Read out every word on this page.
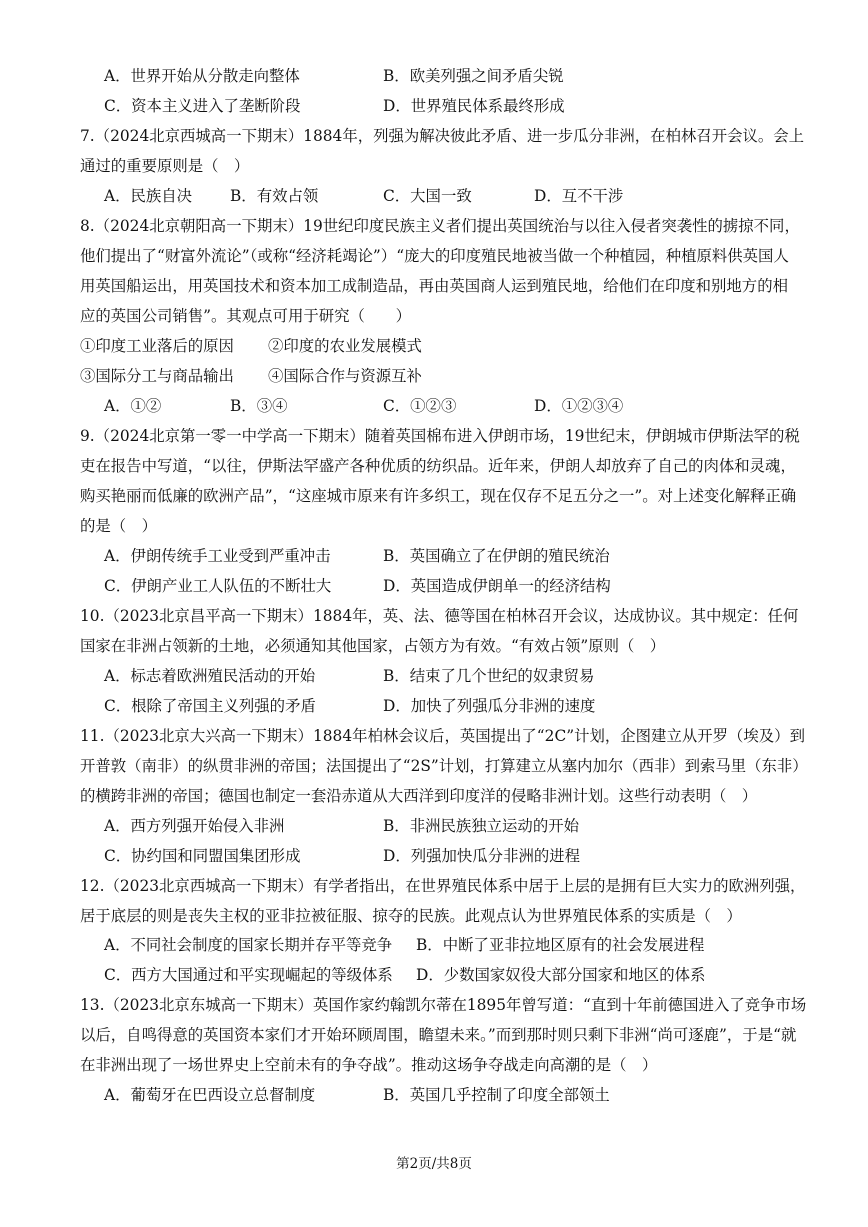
A．世界开始从分散走向整体	B．欧美列强之间矛盾尖锐
C．资本主义进入了垄断阶段	D．世界殖民体系最终形成
7.（2024北京西城高一下期末）1884年，列强为解决彼此矛盾、进一步瓜分非洲，在柏林召开会议。会上
通过的重要原则是（　）
A．民族自决 B．有效占领	C．大国一致	D．互不干涉
8.（2024北京朝阳高一下期末）19世纪印度民族主义者们提出英国统治与以往入侵者突袭性的掳掠不同，
他们提出了“财富外流论”（或称“经济耗竭论”）“庞大的印度殖民地被当做一个种植园，种植原料供英国人
用英国船运出，用英国技术和资本加工成制造品，再由英国商人运到殖民地，给他们在印度和别地方的相
应的英国公司销售”。其观点可用于研究（　　）
①印度工业落后的原因 ②印度的农业发展模式
③国际分工与商品输出 ④国际合作与资源互补
A．①②	B．③④	C．①②③	D．①②③④
9.（2024北京第一零一中学高一下期末）随着英国棉布进入伊朗市场，19世纪末，伊朗城市伊斯法罕的税
吏在报告中写道，“以往，伊斯法罕盛产各种优质的纺织品。近年来，伊朗人却放弃了自己的肉体和灵魂，
购买艳丽而低廉的欧洲产品”，“这座城市原来有许多织工，现在仅存不足五分之一”。对上述变化解释正确
的是（　）
A．伊朗传统手工业受到严重冲击	B．英国确立了在伊朗的殖民统治
C．伊朗产业工人队伍的不断壮大	D．英国造成伊朗单一的经济结构
10.（2023北京昌平高一下期末）1884年，英、法、德等国在柏林召开会议，达成协议。其中规定：任何
国家在非洲占领新的土地，必须通知其他国家，占领方为有效。“有效占领”原则（　）
A．标志着欧洲殖民活动的开始	B．结束了几个世纪的奴隶贸易
C．根除了帝国主义列强的矛盾	D．加快了列强瓜分非洲的速度
11.（2023北京大兴高一下期末）1884年柏林会议后，英国提出了“2C”计划，企图建立从开罗（埃及）到
开普敦（南非）的纵贯非洲的帝国；法国提出了“2S”计划，打算建立从塞内加尔（西非）到索马里（东非）
的横跨非洲的帝国；德国也制定一套沿赤道从大西洋到印度洋的侵略非洲计划。这些行动表明（　）
A．西方列强开始侵入非洲	B．非洲民族独立运动的开始
C．协约国和同盟国集团形成	D．列强加快瓜分非洲的进程
12.（2023北京西城高一下期末）有学者指出，在世界殖民体系中居于上层的是拥有巨大实力的欧洲列强，
居于底层的则是丧失主权的亚非拉被征服、掠夺的民族。此观点认为世界殖民体系的实质是（　）
A．不同社会制度的国家长期并存平等竞争 B．中断了亚非拉地区原有的社会发展进程
C．西方大国通过和平实现崛起的等级体系 D．少数国家奴役大部分国家和地区的体系
13.（2023北京东城高一下期末）英国作家约翰凯尔蒂在1895年曾写道：“直到十年前德国进入了竞争市场
以后，自鸣得意的英国资本家们才开始环顾周围，瞻望未来。”而到那时则只剩下非洲“尚可逐鹿”，于是“就
在非洲出现了一场世界史上空前未有的争夺战”。推动这场争夺战走向高潮的是（　）
A．葡萄牙在巴西设立总督制度	B．英国几乎控制了印度全部领土
第2页/共8页
